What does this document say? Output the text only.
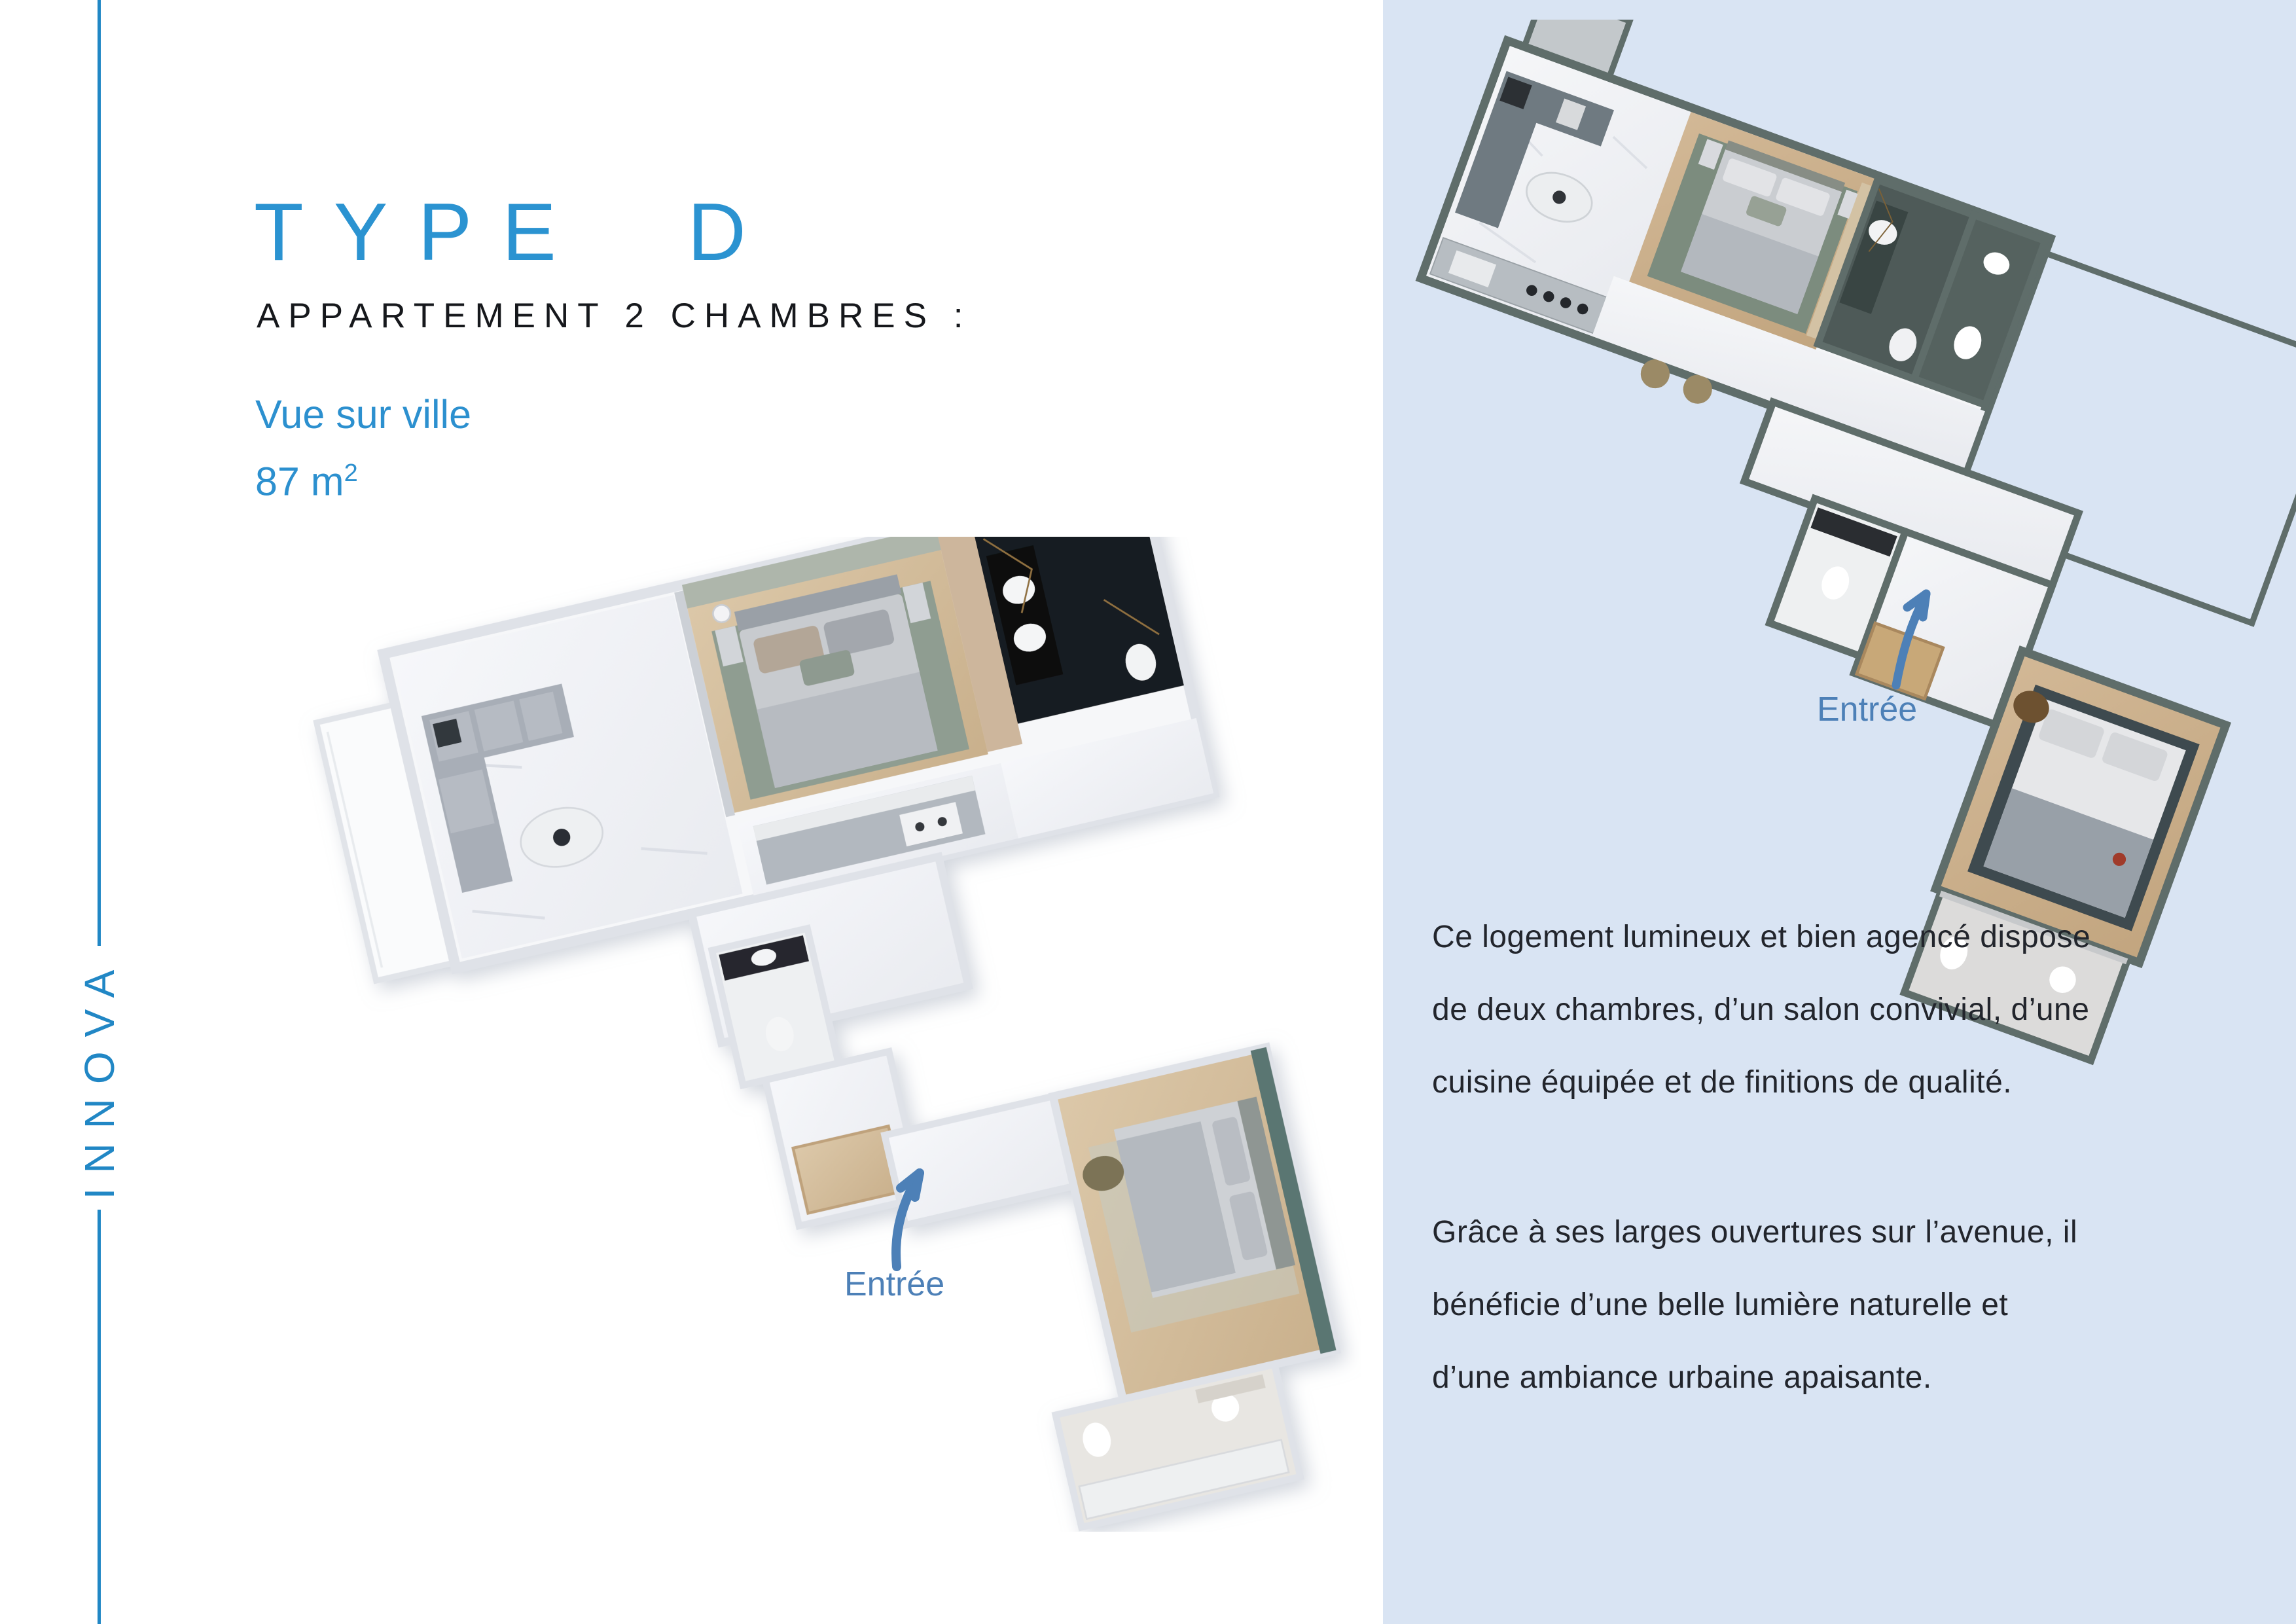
INNOVA
TYPE D
APPARTEMENT 2 CHAMBRES :
Vue sur ville
87 $m^2$
Entrée
Entrée
Ce logement lumineux et bien agencé dispose
de deux chambres, d’un salon convivial, d’une
cuisine équipée et de finitions de qualité.
Grâce à ses larges ouvertures sur l’avenue, il
bénéficie d’une belle lumière naturelle et
d’une ambiance urbaine apaisante.
